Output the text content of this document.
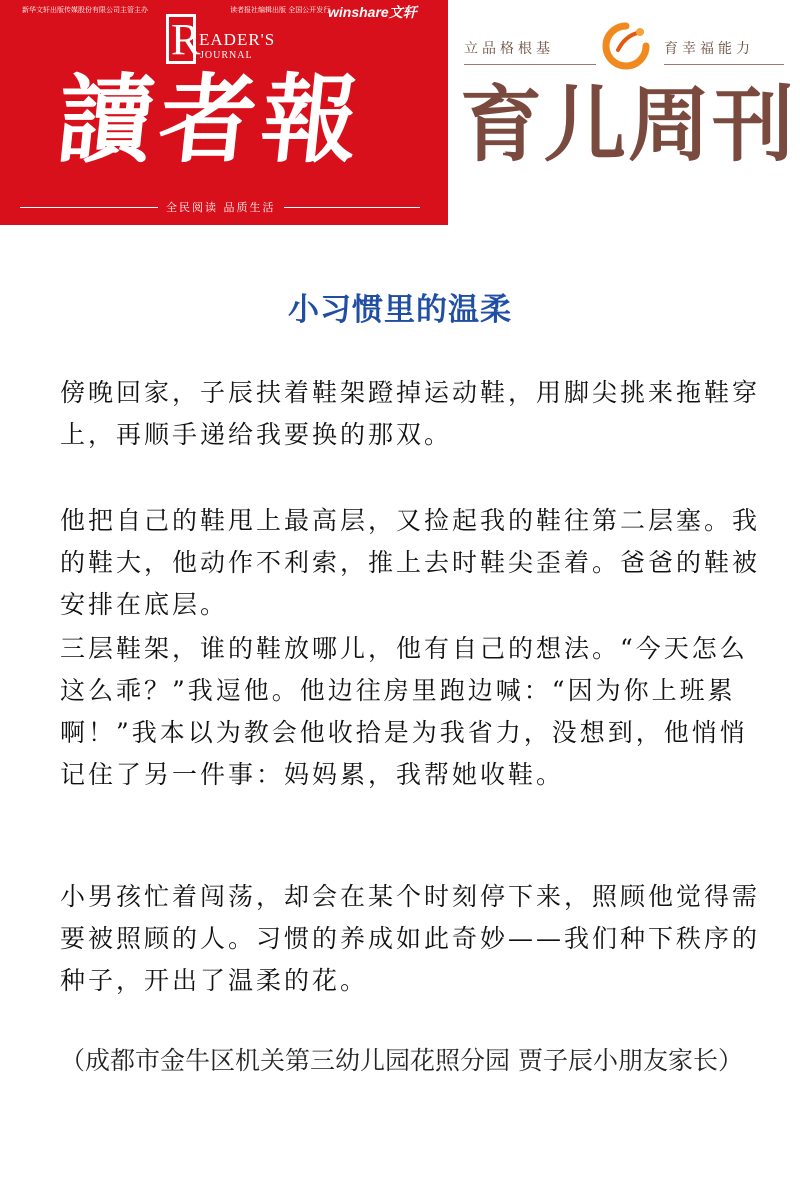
新华文轩出版传媒股份有限公司主管主办	读者报社编辑出版 全国公开发行
winshare文轩
R
EADER'S
JOURNAL
讀者報
全民阅读 品质生活
立品格根基	育幸福能力
育儿周刊
小习惯里的温柔

傍晚回家，子辰扶着鞋架蹬掉运动鞋，用脚尖挑来拖鞋穿上，再顺手递给我要换的那双。

他把自己的鞋甩上最高层，又捡起我的鞋往第二层塞。我的鞋大，他动作不利索，推上去时鞋尖歪着。爸爸的鞋被安排在底层。

三层鞋架，谁的鞋放哪儿，他有自己的想法。“今天怎么这么乖？”我逗他。他边往房里跑边喊：“因为你上班累啊！”我本以为教会他收拾是为我省力，没想到，他悄悄记住了另一件事：妈妈累，我帮她收鞋。

小男孩忙着闯荡，却会在某个时刻停下来，照顾他觉得需要被照顾的人。习惯的养成如此奇妙——我们种下秩序的种子，开出了温柔的花。

（成都市金牛区机关第三幼儿园花照分园 贾子辰小朋友家长）
